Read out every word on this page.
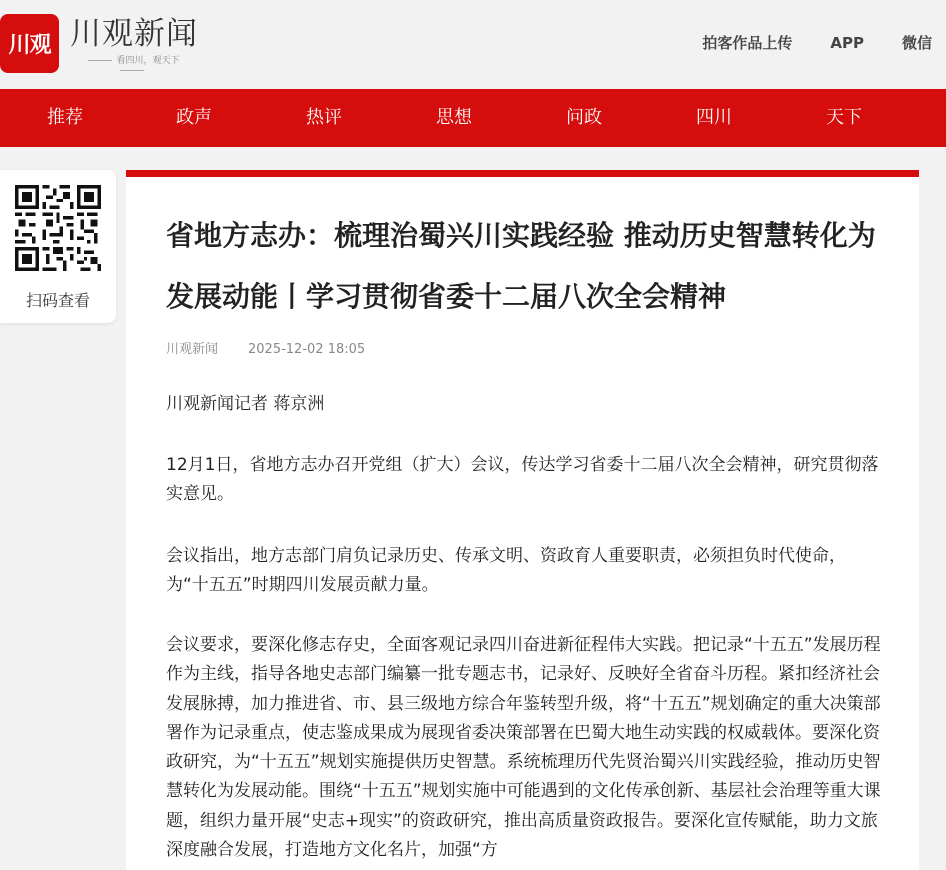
川观 川观新闻
看四川，观天下
拍客作品上传	APP	微信
推荐	政声	热评	思想	问政	四川	天下
扫码查看
省地方志办：梳理治蜀兴川实践经验 推动历史智慧转化为发展动能丨学习贯彻省委十二届八次全会精神
川观新闻 2025-12-02 18:05

川观新闻记者 蒋京洲

12月1日，省地方志办召开党组（扩大）会议，传达学习省委十二届八次全会精神，研究贯彻落实意见。

会议指出，地方志部门肩负记录历史、传承文明、资政育人重要职责，必须担负时代使命，为“十五五”时期四川发展贡献力量。

会议要求，要深化修志存史，全面客观记录四川奋进新征程伟大实践。把记录“十五五”发展历程作为主线，指导各地史志部门编纂一批专题志书，记录好、反映好全省奋斗历程。紧扣经济社会发展脉搏，加力推进省、市、县三级地方综合年鉴转型升级，将“十五五”规划确定的重大决策部署作为记录重点，使志鉴成果成为展现省委决策部署在巴蜀大地生动实践的权威载体。要深化资政研究，为“十五五”规划实施提供历史智慧。系统梳理历代先贤治蜀兴川实践经验，推动历史智慧转化为发展动能。围绕“十五五”规划实施中可能遇到的文化传承创新、基层社会治理等重大课题，组织力量开展“史志+现实”的资政研究，推出高质量资政报告。要深化宣传赋能，助力文旅深度融合发展，打造地方文化名片，加强“方
